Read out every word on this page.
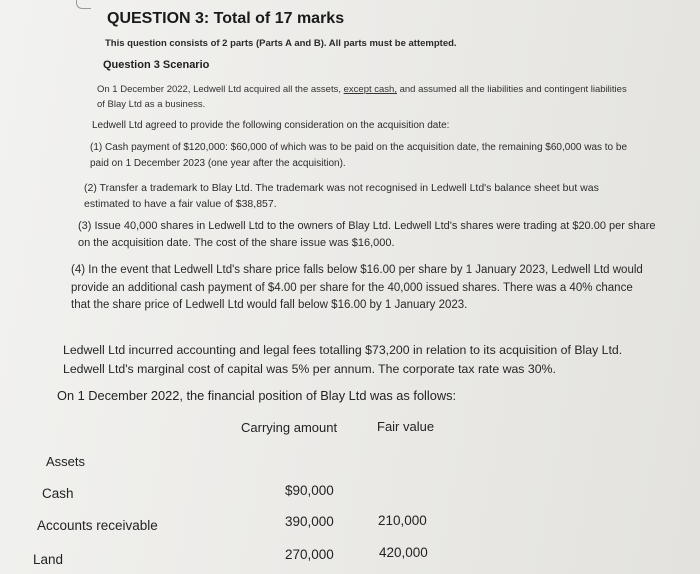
QUESTION 3: Total of 17 marks
This question consists of 2 parts (Parts A and B). All parts must be attempted.
Question 3 Scenario
On 1 December 2022, Ledwell Ltd acquired all the assets, except cash, and assumed all the liabilities and contingent liabilities of Blay Ltd as a business.
Ledwell Ltd agreed to provide the following consideration on the acquisition date:
(1) Cash payment of $120,000: $60,000 of which was to be paid on the acquisition date, the remaining $60,000 was to be paid on 1 December 2023 (one year after the acquisition).
(2) Transfer a trademark to Blay Ltd. The trademark was not recognised in Ledwell Ltd's balance sheet but was estimated to have a fair value of $38,857.
(3) Issue 40,000 shares in Ledwell Ltd to the owners of Blay Ltd. Ledwell Ltd's shares were trading at $20.00 per share on the acquisition date. The cost of the share issue was $16,000.
(4) In the event that Ledwell Ltd's share price falls below $16.00 per share by 1 January 2023, Ledwell Ltd would provide an additional cash payment of $4.00 per share for the 40,000 issued shares. There was a 40% chance that the share price of Ledwell Ltd would fall below $16.00 by 1 January 2023.
Ledwell Ltd incurred accounting and legal fees totalling $73,200 in relation to its acquisition of Blay Ltd. Ledwell Ltd's marginal cost of capital was 5% per annum. The corporate tax rate was 30%.
On 1 December 2022, the financial position of Blay Ltd was as follows:
Carrying amount	Fair value
Assets
Cash	$90,000
Accounts receivable	390,000	210,000
Land	270,000	420,000
